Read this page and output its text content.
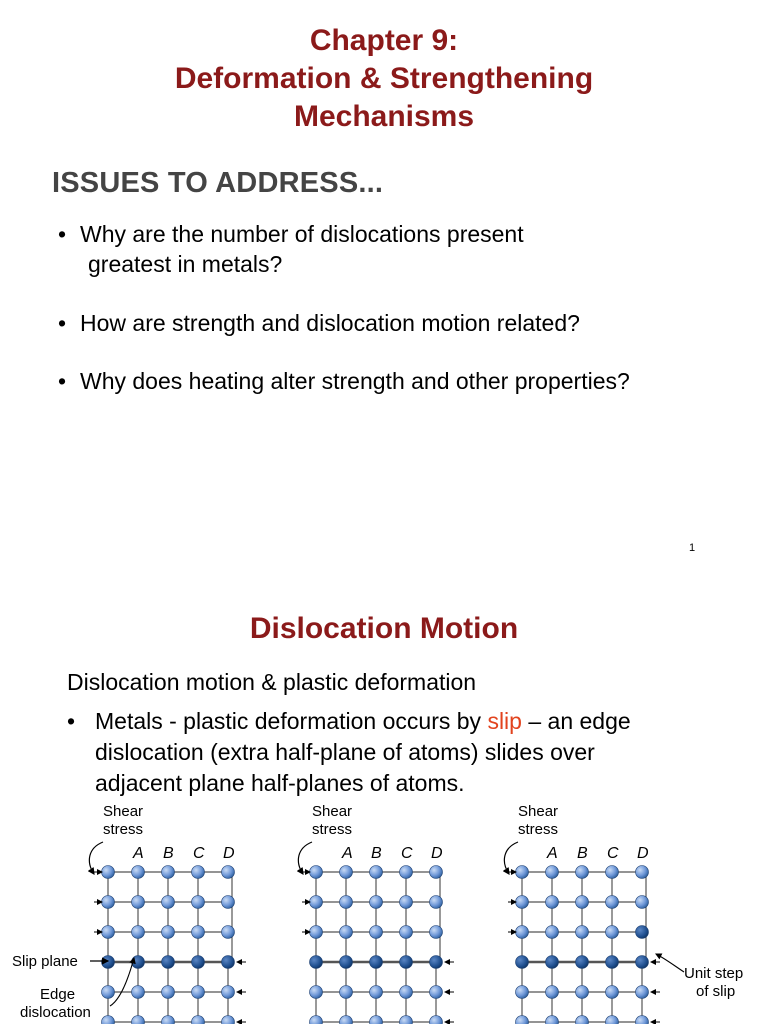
Chapter 9:
Deformation & Strengthening
Mechanisms
ISSUES TO ADDRESS...
• Why are the number of dislocations present
greatest in metals?
• How are strength and dislocation motion related?
• Why does heating alter strength and other properties?
1
Dislocation Motion
Dislocation motion & plastic deformation
• Metals - plastic deformation occurs by slip – an edge
dislocation (extra half-plane of atoms) slides over
adjacent plane half-planes of atoms.
Shear
stress
A B C D
Shear
stress
A B C D
Shear
stress
A B C D
Slip plane
Edge
dislocation
Unit step
of slip
